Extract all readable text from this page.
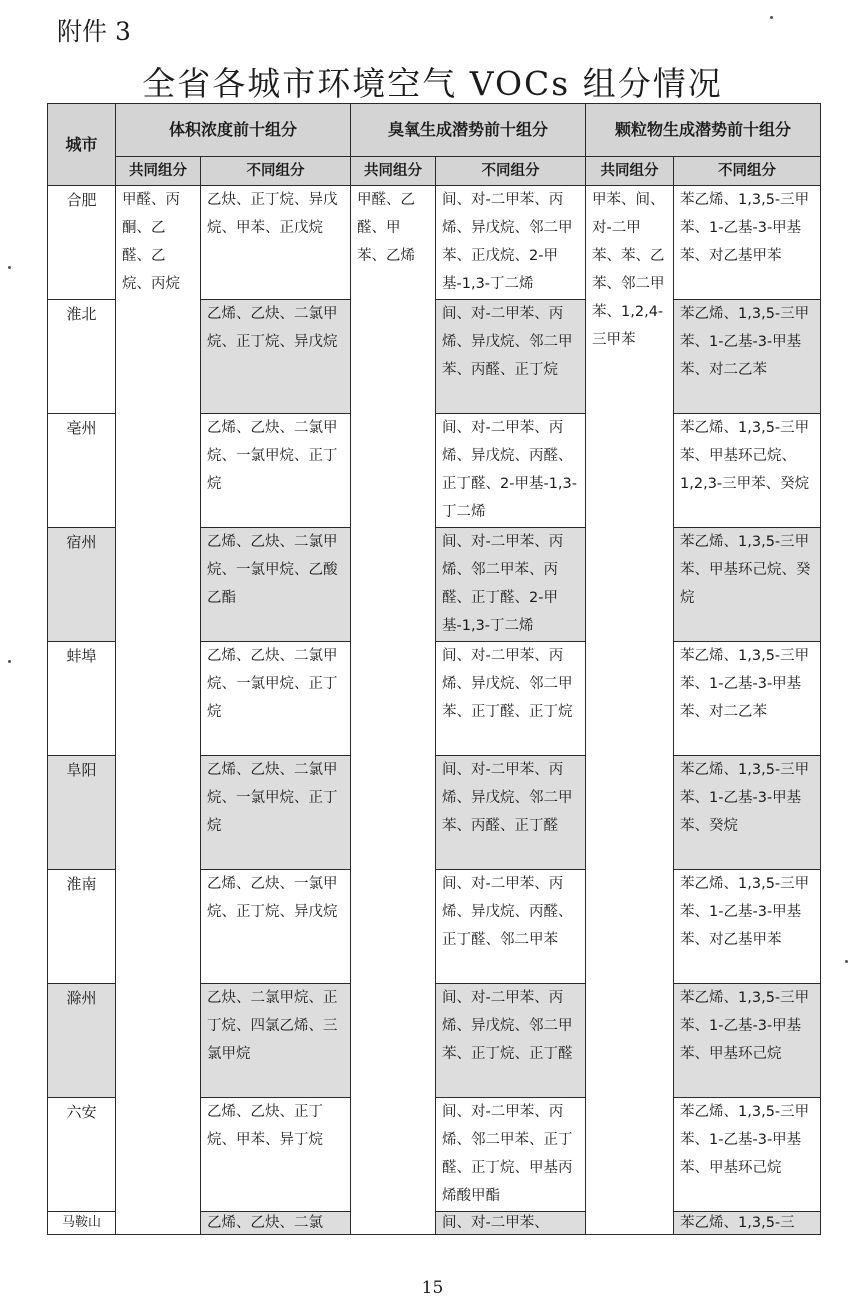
附件 3
全省各城市环境空气 VOCs 组分情况
城市	体积浓度前十组分		臭氧生成潜势前十组分		颗粒物生成潜势前十组分	
	共同组分	不同组分	共同组分	不同组分	共同组分	不同组分
合肥	甲醛、丙酮、乙醛、乙烷、丙烷	乙炔、正丁烷、异戊烷、甲苯、正戊烷	甲醛、乙醛、甲苯、乙烯	间、对-二甲苯、丙烯、异戊烷、邻二甲苯、正戊烷、2-甲基-1,3-丁二烯	甲苯、间、对-二甲苯、苯、乙苯、邻二甲苯、1,2,4-三甲苯	苯乙烯、1,3,5-三甲苯、1-乙基-3-甲基苯、对乙基甲苯
淮北		乙烯、乙炔、二氯甲烷、正丁烷、异戊烷		间、对-二甲苯、丙烯、异戊烷、邻二甲苯、丙醛、正丁烷		苯乙烯、1,3,5-三甲苯、1-乙基-3-甲基苯、对二乙苯
亳州		乙烯、乙炔、二氯甲烷、一氯甲烷、正丁烷		间、对-二甲苯、丙烯、异戊烷、丙醛、正丁醛、2-甲基-1,3-丁二烯		苯乙烯、1,3,5-三甲苯、甲基环己烷、1,2,3-三甲苯、癸烷
宿州		乙烯、乙炔、二氯甲烷、一氯甲烷、乙酸乙酯		间、对-二甲苯、丙烯、邻二甲苯、丙醛、正丁醛、2-甲基-1,3-丁二烯		苯乙烯、1,3,5-三甲苯、甲基环己烷、癸烷
蚌埠		乙烯、乙炔、二氯甲烷、一氯甲烷、正丁烷		间、对-二甲苯、丙烯、异戊烷、邻二甲苯、正丁醛、正丁烷		苯乙烯、1,3,5-三甲苯、1-乙基-3-甲基苯、对二乙苯
阜阳		乙烯、乙炔、二氯甲烷、一氯甲烷、正丁烷		间、对-二甲苯、丙烯、异戊烷、邻二甲苯、丙醛、正丁醛		苯乙烯、1,3,5-三甲苯、1-乙基-3-甲基苯、癸烷
淮南		乙烯、乙炔、一氯甲烷、正丁烷、异戊烷		间、对-二甲苯、丙烯、异戊烷、丙醛、正丁醛、邻二甲苯		苯乙烯、1,3,5-三甲苯、1-乙基-3-甲基苯、对乙基甲苯
滁州		乙炔、二氯甲烷、正丁烷、四氯乙烯、三氯甲烷		间、对-二甲苯、丙烯、异戊烷、邻二甲苯、正丁烷、正丁醛		苯乙烯、1,3,5-三甲苯、1-乙基-3-甲基苯、甲基环己烷
六安		乙烯、乙炔、正丁烷、甲苯、异丁烷		间、对-二甲苯、丙烯、邻二甲苯、正丁醛、正丁烷、甲基丙烯酸甲酯		苯乙烯、1,3,5-三甲苯、1-乙基-3-甲基苯、甲基环己烷
马鞍山		乙烯、乙炔、二氯		间、对-二甲苯、		苯乙烯、1,3,5-三
15
